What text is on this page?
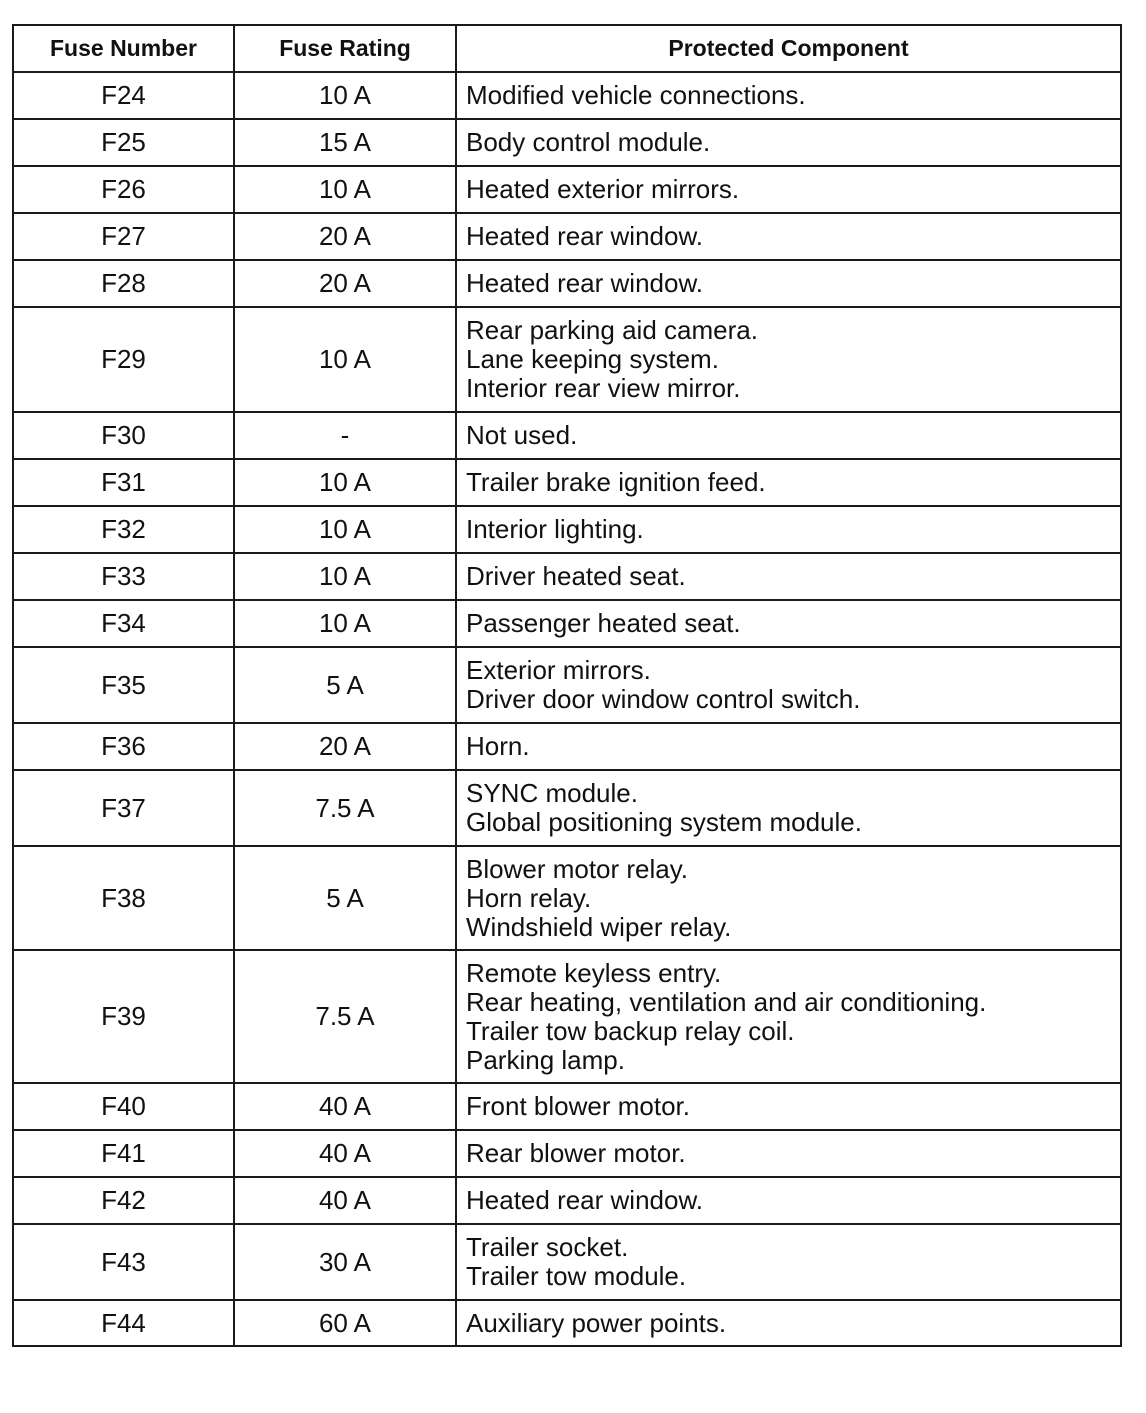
Fuse Number	Fuse Rating	Protected Component
F24	10 A	Modified vehicle connections.

F25	15 A	Body control module.

F26	10 A	Heated exterior mirrors.

F27	20 A	Heated rear window.

F28	20 A	Heated rear window.

F29	10 A	Rear parking aid camera.
Lane keeping system.
Interior rear view mirror.

F30	-	Not used.

F31	10 A	Trailer brake ignition feed.

F32	10 A	Interior lighting.

F33	10 A	Driver heated seat.

F34	10 A	Passenger heated seat.

F35	5 A	Exterior mirrors.
Driver door window control switch.

F36	20 A	Horn.

F37	7.5 A	SYNC module.
Global positioning system module.

F38	5 A	Blower motor relay.
Horn relay.
Windshield wiper relay.

F39	7.5 A	Remote keyless entry.
Rear heating, ventilation and air conditioning.
Trailer tow backup relay coil.
Parking lamp.

F40	40 A	Front blower motor.

F41	40 A	Rear blower motor.

F42	40 A	Heated rear window.

F43	30 A	Trailer socket.
Trailer tow module.

F44	60 A	Auxiliary power points.
